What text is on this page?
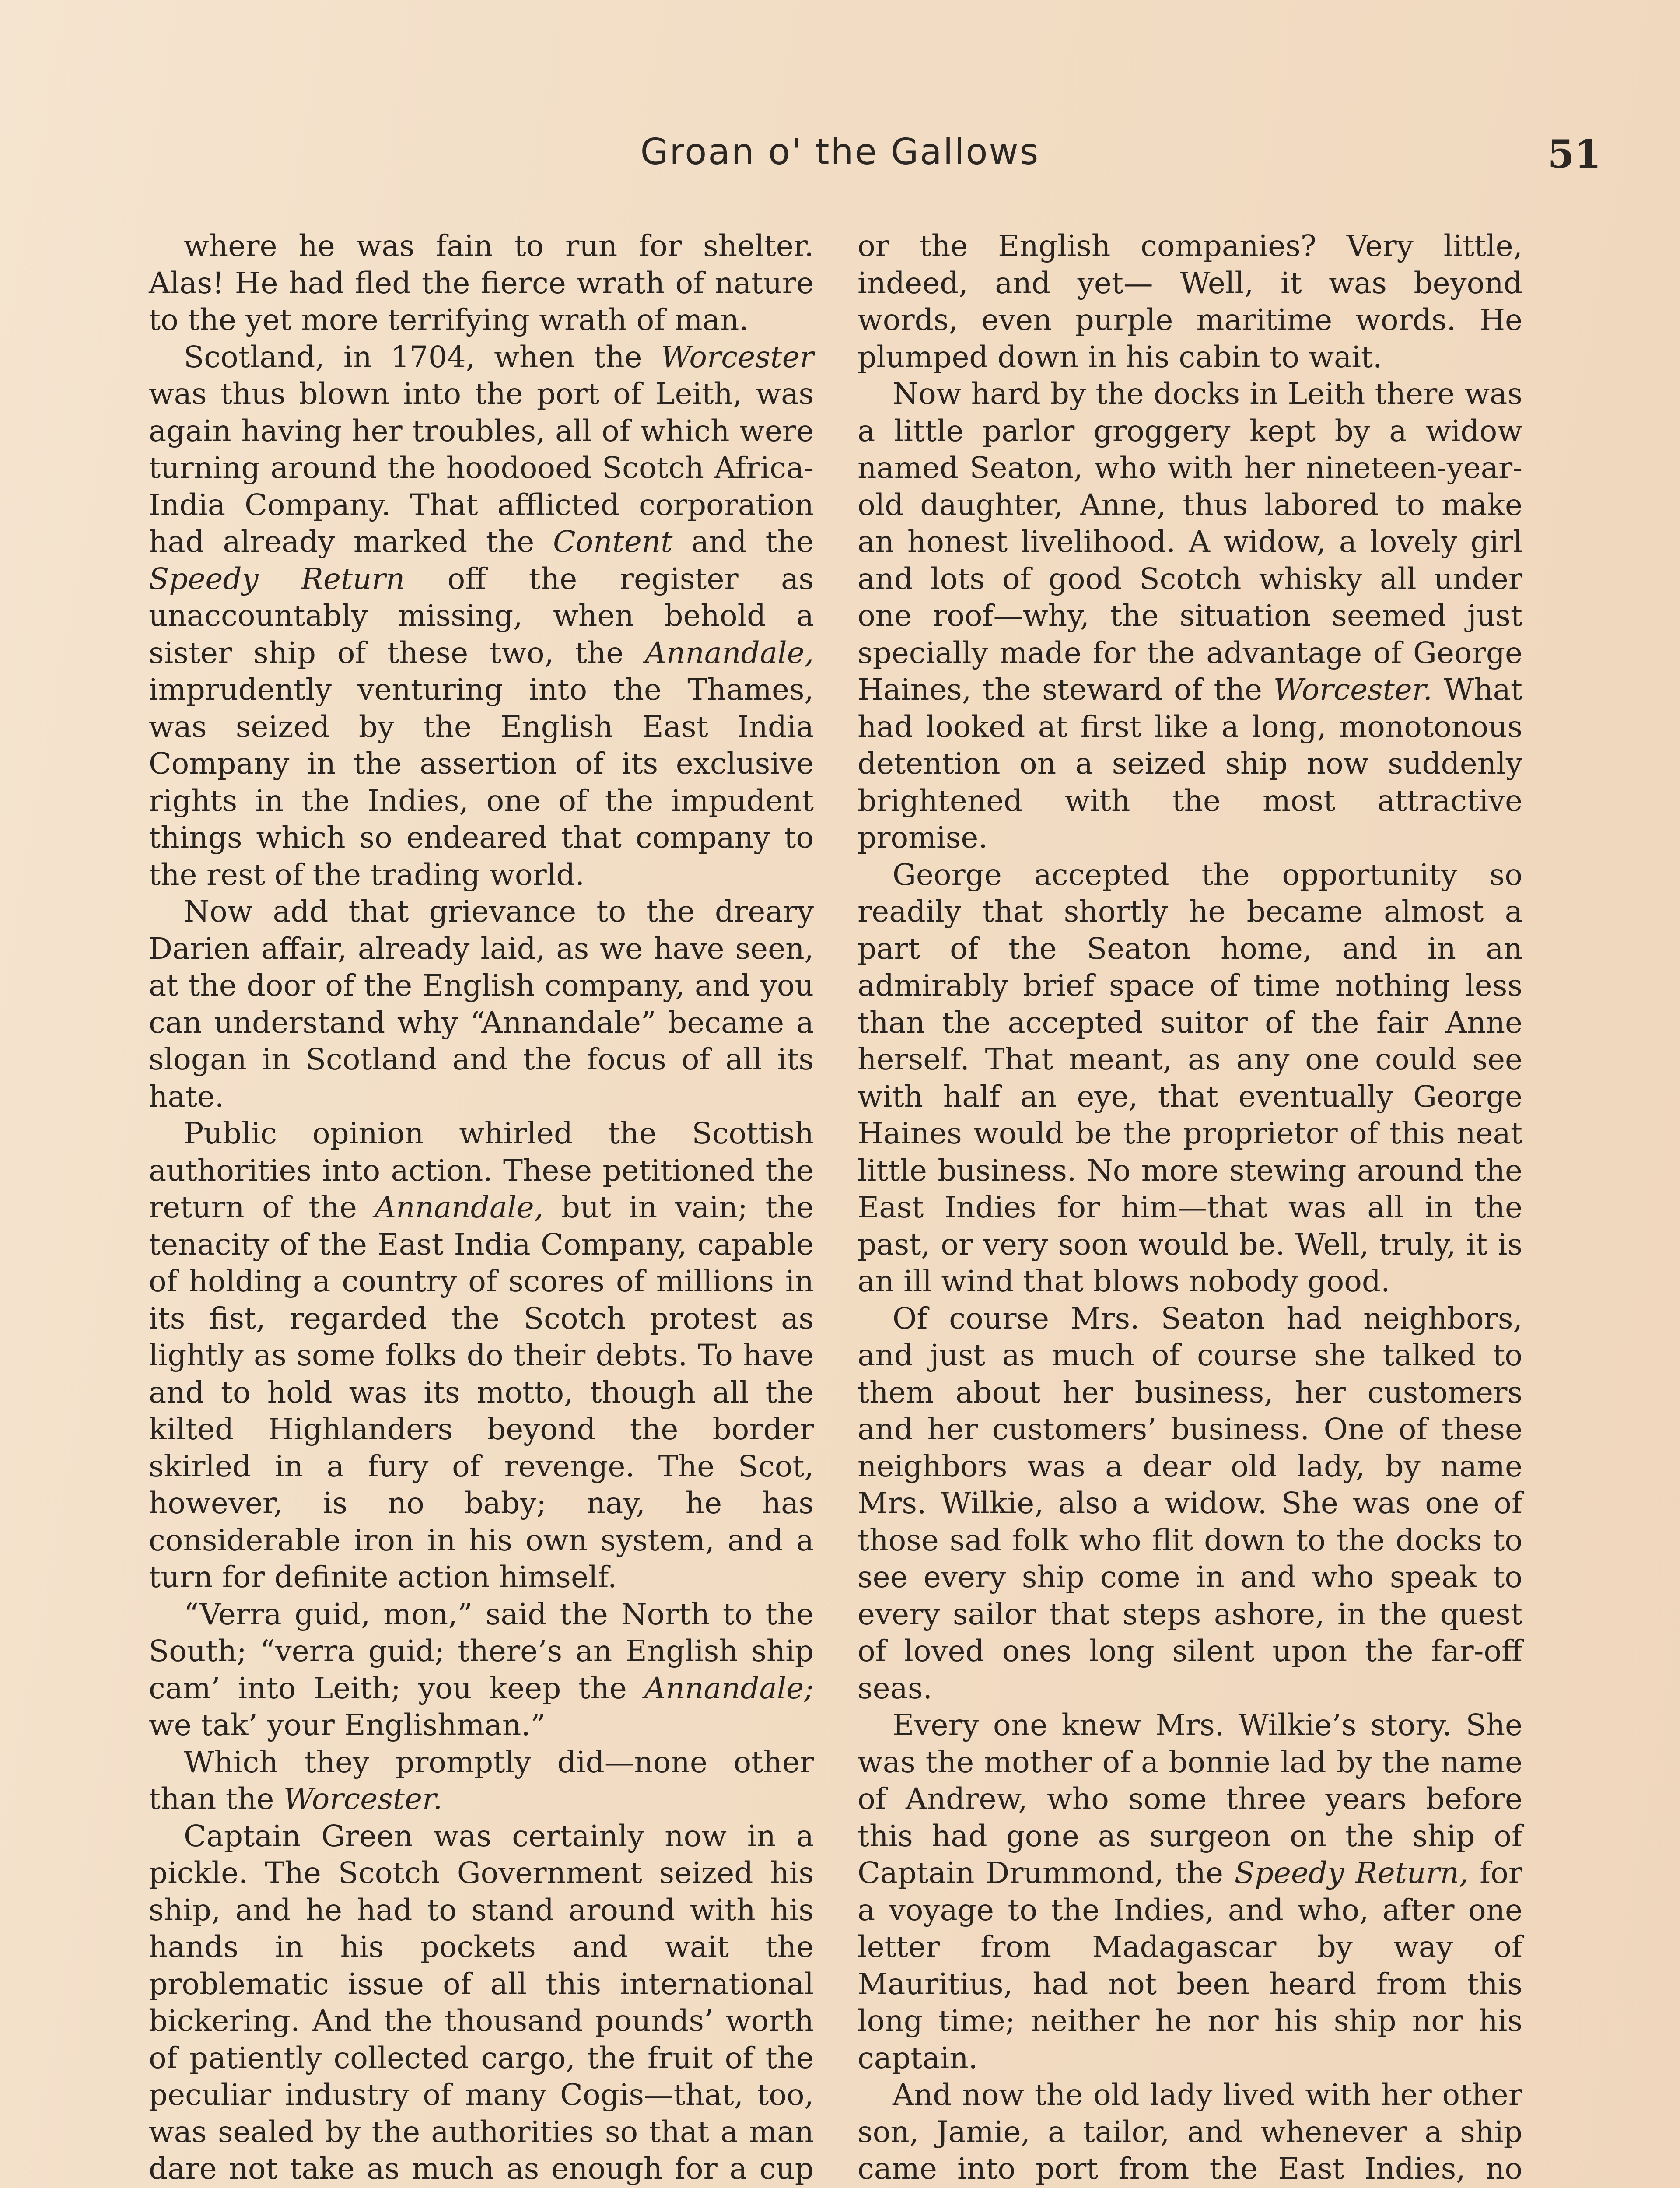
Groan o' the Gallows	51

where he was fain to run for shelter. Alas! He had fled the fierce wrath of nature to the yet more terrifying wrath of man.

Scotland, in 1704, when the Worcester was thus blown into the port of Leith, was again having her troubles, all of which were turning around the hoodooed Scotch Africa-India Company. That afflicted corporation had already marked the Content and the Speedy Return off the register as unaccountably missing, when behold a sister ship of these two, the Annandale, imprudently venturing into the Thames, was seized by the English East India Company in the assertion of its exclusive rights in the Indies, one of the impudent things which so endeared that company to the rest of the trading world.

Now add that grievance to the dreary Darien affair, already laid, as we have seen, at the door of the English company, and you can understand why “Annandale” became a slogan in Scotland and the focus of all its hate.

Public opinion whirled the Scottish authorities into action. These petitioned the return of the Annandale, but in vain; the tenacity of the East India Company, capable of holding a country of scores of millions in its fist, regarded the Scotch protest as lightly as some folks do their debts. To have and to hold was its motto, though all the kilted Highlanders beyond the border skirled in a fury of revenge. The Scot, however, is no baby; nay, he has considerable iron in his own system, and a turn for definite action himself.

“Verra guid, mon,” said the North to the South; “verra guid; there’s an English ship cam’ into Leith; you keep the Annandale; we tak’ your Englishman.”

Which they promptly did—none other than the Worcester.

Captain Green was certainly now in a pickle. The Scotch Government seized his ship, and he had to stand around with his hands in his pockets and wait the problematic issue of all this international bickering. And the thousand pounds’ worth of patiently collected cargo, the fruit of the peculiar industry of many Cogis—that, too, was sealed by the authorities so that a man dare not take as much as enough for a cup

or the English companies? Very little, indeed, and yet— Well, it was beyond words, even purple maritime words. He plumped down in his cabin to wait.

Now hard by the docks in Leith there was a little parlor groggery kept by a widow named Seaton, who with her nineteen-year-old daughter, Anne, thus labored to make an honest livelihood. A widow, a lovely girl and lots of good Scotch whisky all under one roof—why, the situation seemed just specially made for the advantage of George Haines, the steward of the Worcester. What had looked at first like a long, monotonous detention on a seized ship now suddenly brightened with the most attractive promise.

George accepted the opportunity so readily that shortly he became almost a part of the Seaton home, and in an admirably brief space of time nothing less than the accepted suitor of the fair Anne herself. That meant, as any one could see with half an eye, that eventually George Haines would be the proprietor of this neat little business. No more stewing around the East Indies for him—that was all in the past, or very soon would be. Well, truly, it is an ill wind that blows nobody good.

Of course Mrs. Seaton had neighbors, and just as much of course she talked to them about her business, her customers and her customers’ business. One of these neighbors was a dear old lady, by name Mrs. Wilkie, also a widow. She was one of those sad folk who flit down to the docks to see every ship come in and who speak to every sailor that steps ashore, in the quest of loved ones long silent upon the far-off seas.

Every one knew Mrs. Wilkie’s story. She was the mother of a bonnie lad by the name of Andrew, who some three years before this had gone as surgeon on the ship of Captain Drummond, the Speedy Return, for a voyage to the Indies, and who, after one letter from Madagascar by way of Mauritius, had not been heard from this long time; neither he nor his ship nor his captain.

And now the old lady lived with her other son, Jamie, a tailor, and whenever a ship came into port from the East Indies, no
